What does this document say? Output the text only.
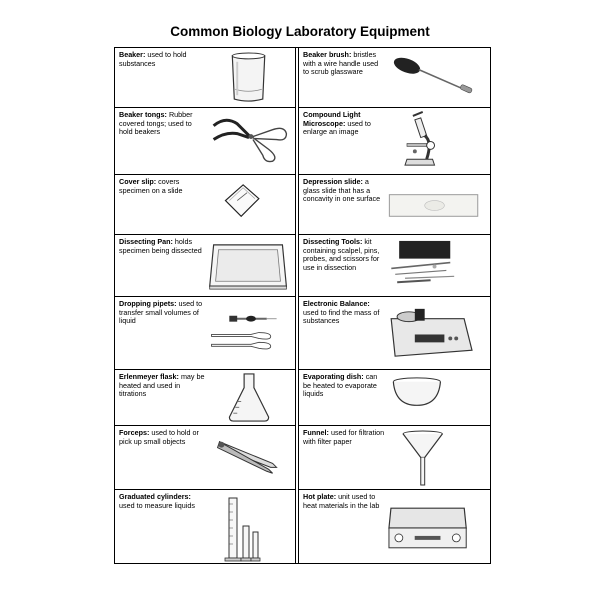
Common Biology Laboratory Equipment
Beaker: used to hold substances
Beaker tongs: Rubber covered tongs; used to hold beakers
Cover slip: covers specimen on a slide
Dissecting Pan: holds specimen being dissected
Dropping pipets: used to transfer small volumes of liquid
Erlenmeyer flask: may be heated and used in titrations
Forceps: used to hold or pick up small objects
Graduated cylinders: used to measure liquids
Beaker brush: bristles with a wire handle used to scrub glassware
Compound Light Microscope: used to enlarge an image
Depression slide: a glass slide that has a concavity in one surface
Dissecting Tools: kit containing scalpel, pins, probes, and scissors for use in dissection
Electronic Balance: used to find the mass of substances
Evaporating dish: can be heated to evaporate liquids
Funnel: used for filtration with filter paper
Hot plate: unit used to heat materials in the lab
